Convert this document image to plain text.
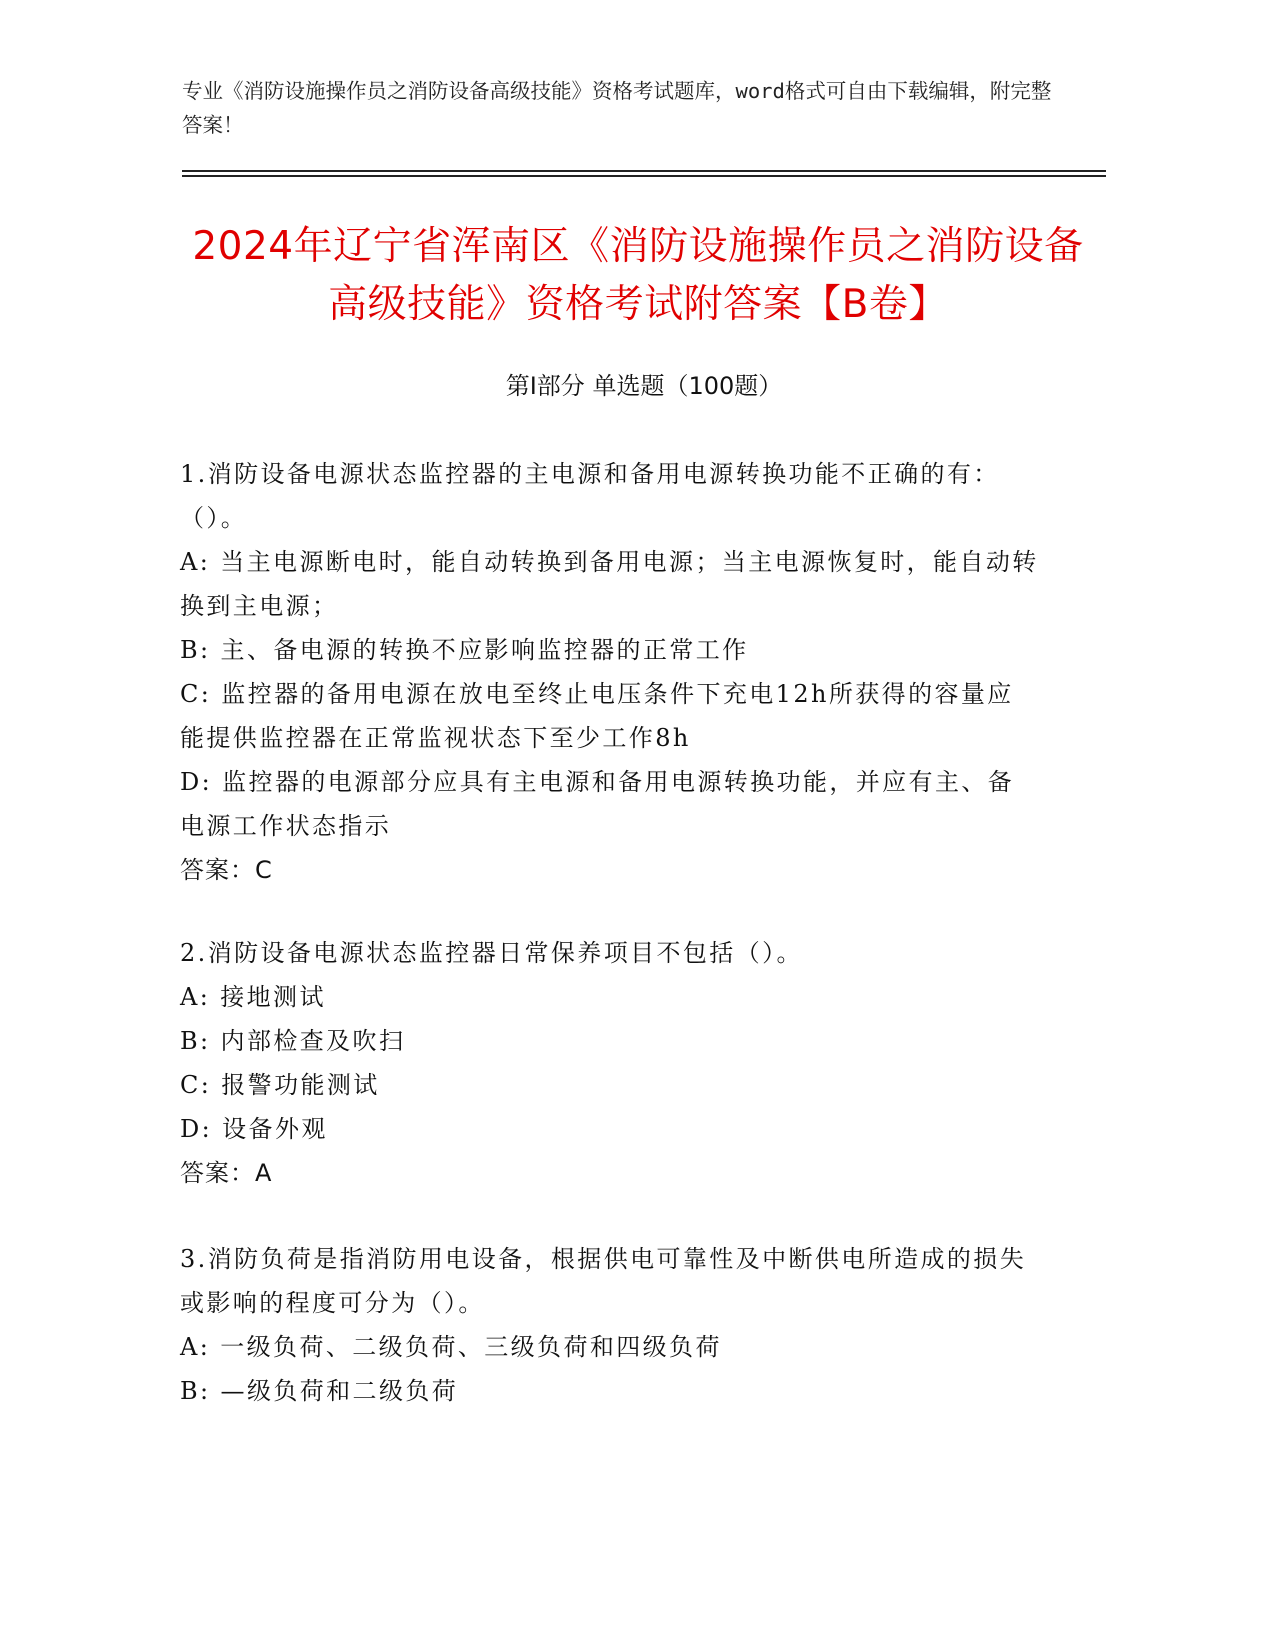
专业《消防设施操作员之消防设备高级技能》资格考试题库，word格式可自由下载编辑，附完整答案！
2024年辽宁省浑南区《消防设施操作员之消防设备高级技能》资格考试附答案【B卷】
第Ⅰ部分 单选题（100题）
1.消防设备电源状态监控器的主电源和备用电源转换功能不正确的有：（）。
A: 当主电源断电时，能自动转换到备用电源；当主电源恢复时，能自动转换到主电源；
B: 主、备电源的转换不应影响监控器的正常工作
C: 监控器的备用电源在放电至终止电压条件下充电12h所获得的容量应能提供监控器在正常监视状态下至少工作8h
D: 监控器的电源部分应具有主电源和备用电源转换功能，并应有主、备电源工作状态指示
答案：C
2.消防设备电源状态监控器日常保养项目不包括（）。
A: 接地测试
B: 内部检查及吹扫
C: 报警功能测试
D: 设备外观
答案：A
3.消防负荷是指消防用电设备，根据供电可靠性及中断供电所造成的损失或影响的程度可分为（）。
A: 一级负荷、二级负荷、三级负荷和四级负荷
B: —级负荷和二级负荷
